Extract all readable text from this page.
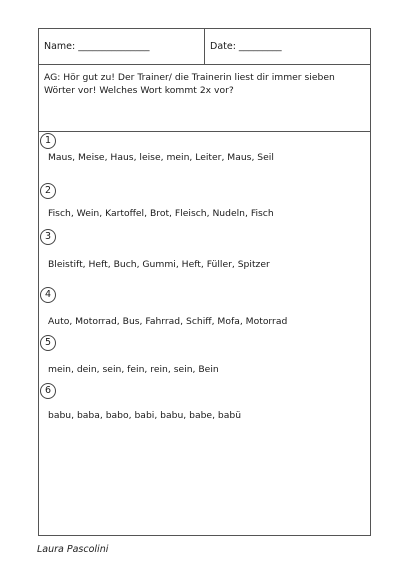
Name: _______________	Date: _________
AG: Hör gut zu! Der Trainer/ die Trainerin liest dir immer sieben Wörter vor! Welches Wort kommt 2x vor?
1
Maus, Meise, Haus, leise, mein, Leiter, Maus, Seil
2
Fisch, Wein, Kartoffel, Brot, Fleisch, Nudeln, Fisch
3
Bleistift, Heft, Buch, Gummi, Heft, Füller, Spitzer
4
Auto, Motorrad, Bus, Fahrrad, Schiff, Mofa, Motorrad
5
mein, dein, sein, fein, rein, sein, Bein
6
babu, baba, babo, babi, babu, babe, babü
Laura Pascolini
